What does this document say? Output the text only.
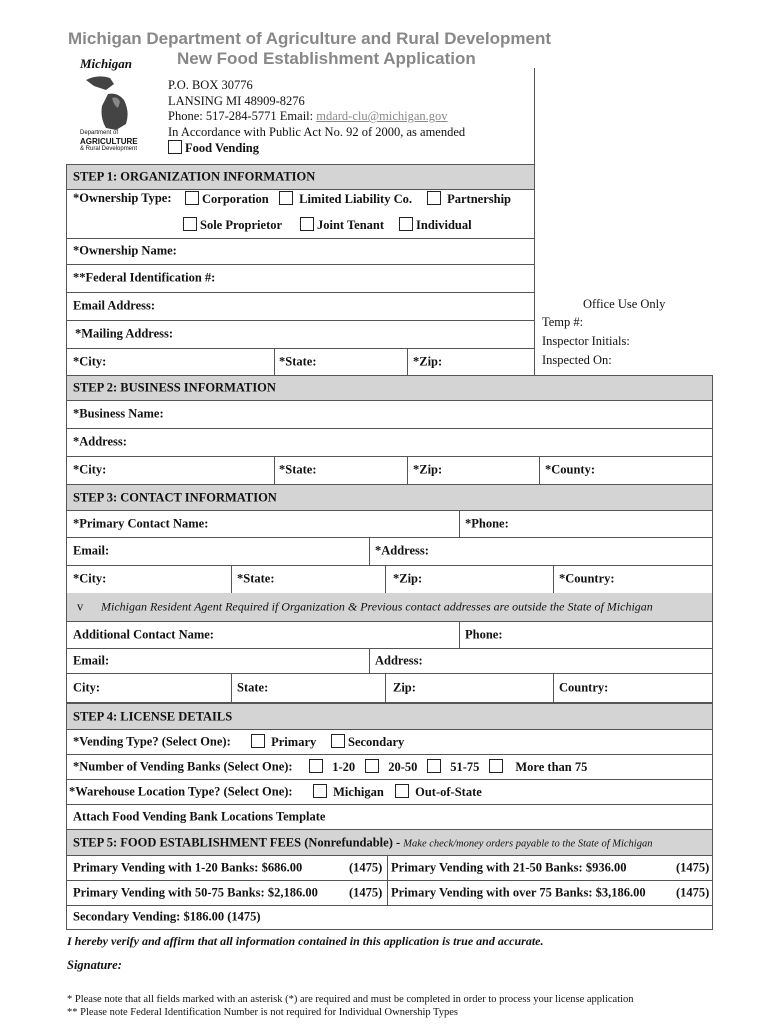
Michigan Department of Agriculture and Rural Development
New Food Establishment Application
Michigan
Department of
AGRICULTURE
& Rural Development
P.O. BOX 30776
LANSING MI 48909-8276
Phone: 517-284-5771 Email: mdard-clu@michigan.gov
In Accordance with Public Act No. 92 of 2000, as amended
Food Vending
Office Use Only
Temp #:
Inspector Initials:
Inspected On:
STEP 1: ORGANIZATION INFORMATION
*Ownership Type:	Corporation	Limited Liability Co.	Partnership
Sole Proprietor	Joint Tenant	Individual
*Ownership Name:
**Federal Identification #:
Email Address:
*Mailing Address:
*City:	*State:	*Zip:
STEP 2: BUSINESS INFORMATION
*Business Name:
*Address:
*City:	*State:	*Zip:	*County:
STEP 3: CONTACT INFORMATION
*Primary Contact Name:	*Phone:
Email:	*Address:
*City:	*State:	*Zip:	*Country:
v Michigan Resident Agent Required if Organization & Previous contact addresses are outside the State of Michigan
Additional Contact Name:	Phone:
Email:	Address:
City:	State:	Zip:	Country:
STEP 4: LICENSE DETAILS
*Vending Type? (Select One):	Primary	Secondary
*Number of Vending Banks (Select One):	1-20	20-50	51-75	More than 75
*Warehouse Location Type? (Select One):	Michigan	Out-of-State
Attach Food Vending Bank Locations Template
STEP 5: FOOD ESTABLISHMENT FEES (Nonrefundable) - Make check/money orders payable to the State of Michigan
Primary Vending with 1-20 Banks: $686.00	(1475) Primary Vending with 21-50 Banks: $936.00	(1475)
Primary Vending with 50-75 Banks: $2,186.00 (1475) Primary Vending with over 75 Banks: $3,186.00 (1475)
Secondary Vending: $186.00 (1475)
I hereby verify and affirm that all information contained in this application is true and accurate.
Signature:
* Please note that all fields marked with an asterisk (*) are required and must be completed in order to process your license application
** Please note Federal Identification Number is not required for Individual Ownership Types
